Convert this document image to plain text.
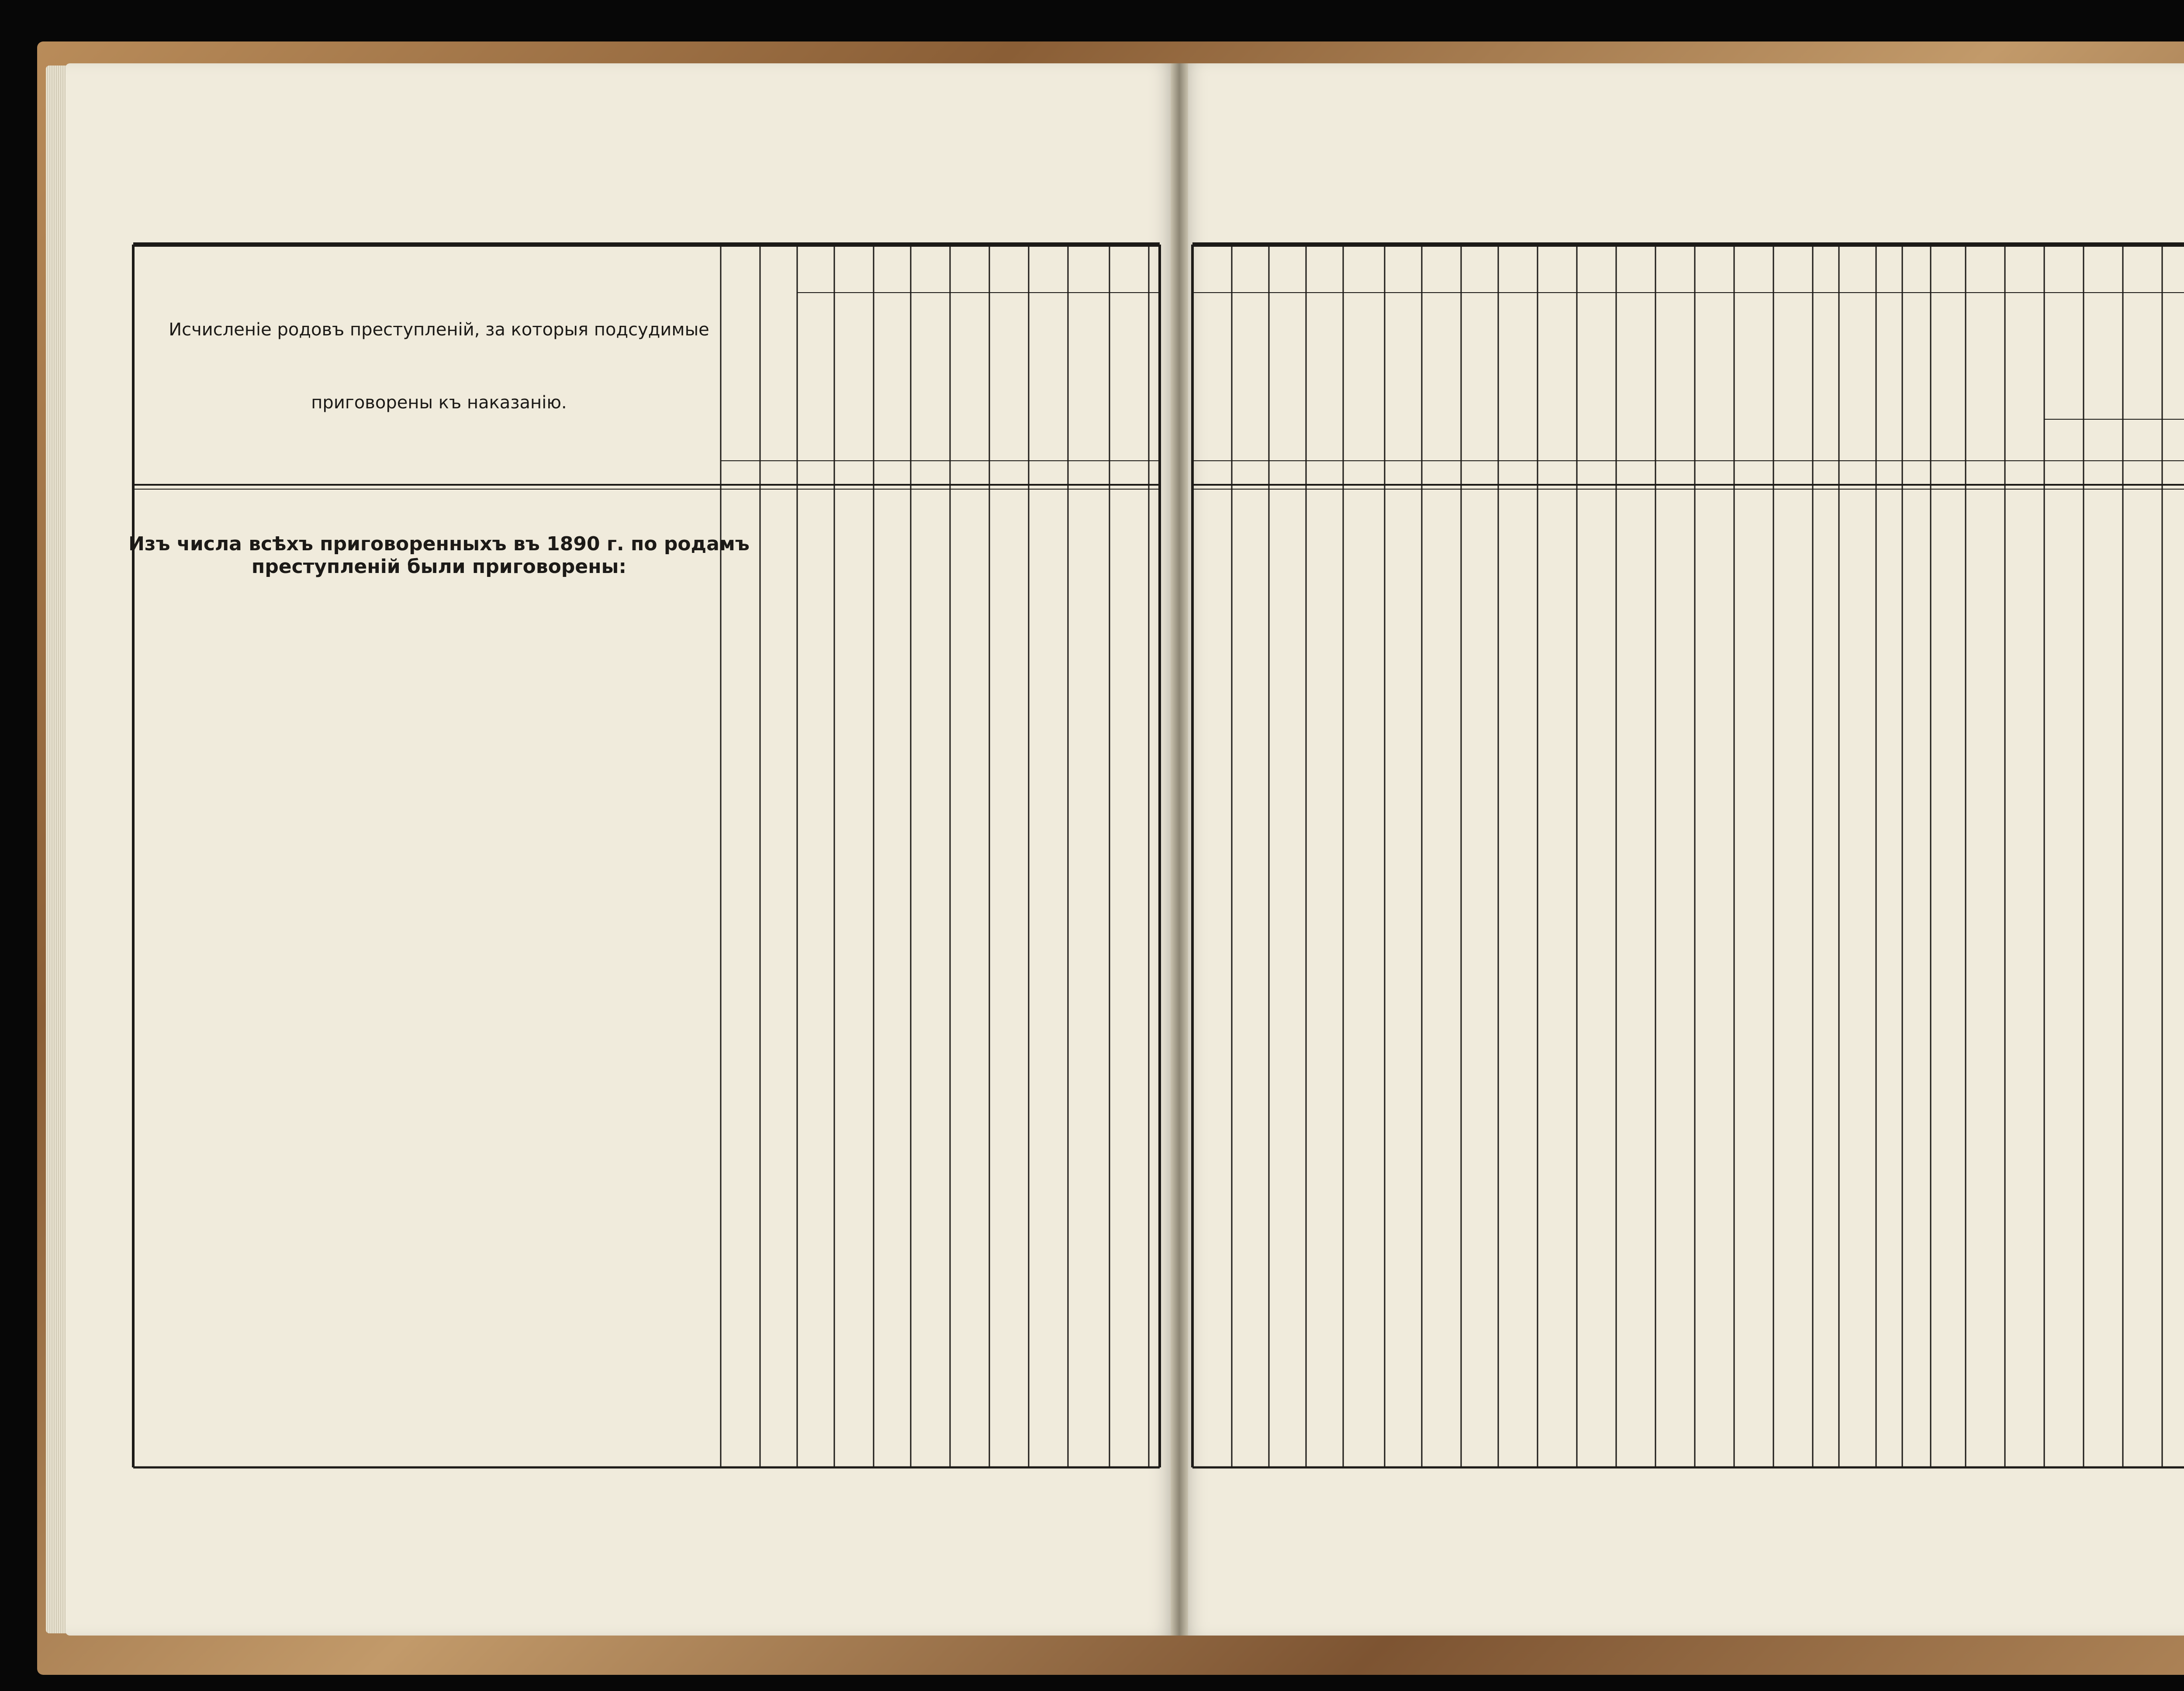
Исчисленіе родовъ преступленій, за которыя подсудимые
приговорены къ наказанію.
Изъ числа всѣхъ приговоренныхъ въ 1890 г. по родамъ
преступленій были приговорены:
